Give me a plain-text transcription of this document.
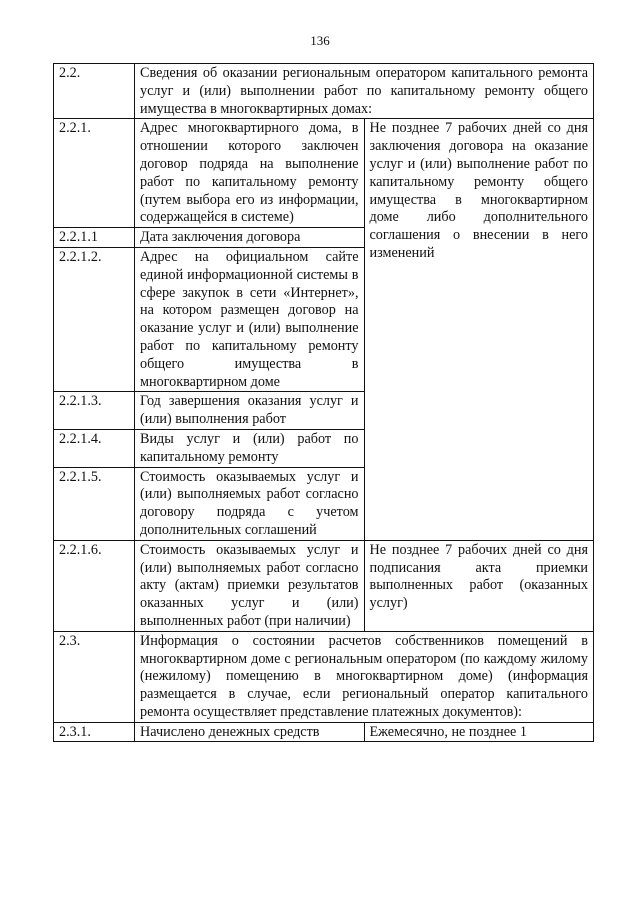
136
2.2.	Сведения об оказании региональным оператором капитального ремонта услуг и (или) выполнении работ по капитальному ремонту общего имущества в многоквартирных домах:	
2.2.1.	Адрес многоквартирного дома, в отношении которого заключен договор подряда на выполнение работ по капитальному ремонту (путем выбора его из информации, содержащейся в системе)	Не позднее 7 рабочих дней со дня заключения договора на оказание услуг и (или) выполнение работ по капитальному ремонту общего имущества в многоквартирном доме либо дополнительного соглашения о внесении в него изменений
2.2.1.1	Дата заключения договора	
2.2.1.2.	Адрес на официальном сайте единой информационной системы в сфере закупок в сети «Интернет», на котором размещен договор на оказание услуг и (или) выполнение работ по капитальному ремонту общего имущества в многоквартирном доме	
2.2.1.3.	Год завершения оказания услуг и (или) выполнения работ	
2.2.1.4.	Виды услуг и (или) работ по капитальному ремонту	
2.2.1.5.	Стоимость оказываемых услуг и (или) выполняемых работ согласно договору подряда с учетом дополнительных соглашений	
2.2.1.6.	Стоимость оказываемых услуг и (или) выполняемых работ согласно акту (актам) приемки результатов оказанных услуг и (или) выполненных работ (при наличии)	Не позднее 7 рабочих дней со дня подписания акта приемки выполненных работ (оказанных услуг)
2.3.	Информация о состоянии расчетов собственников помещений в многоквартирном доме с региональным оператором (по каждому жилому (нежилому) помещению в многоквартирном доме) (информация размещается в случае, если региональный оператор капитального ремонта осуществляет представление платежных документов):	
2.3.1.	Начислено денежных средств	Ежемесячно, не позднее 1
